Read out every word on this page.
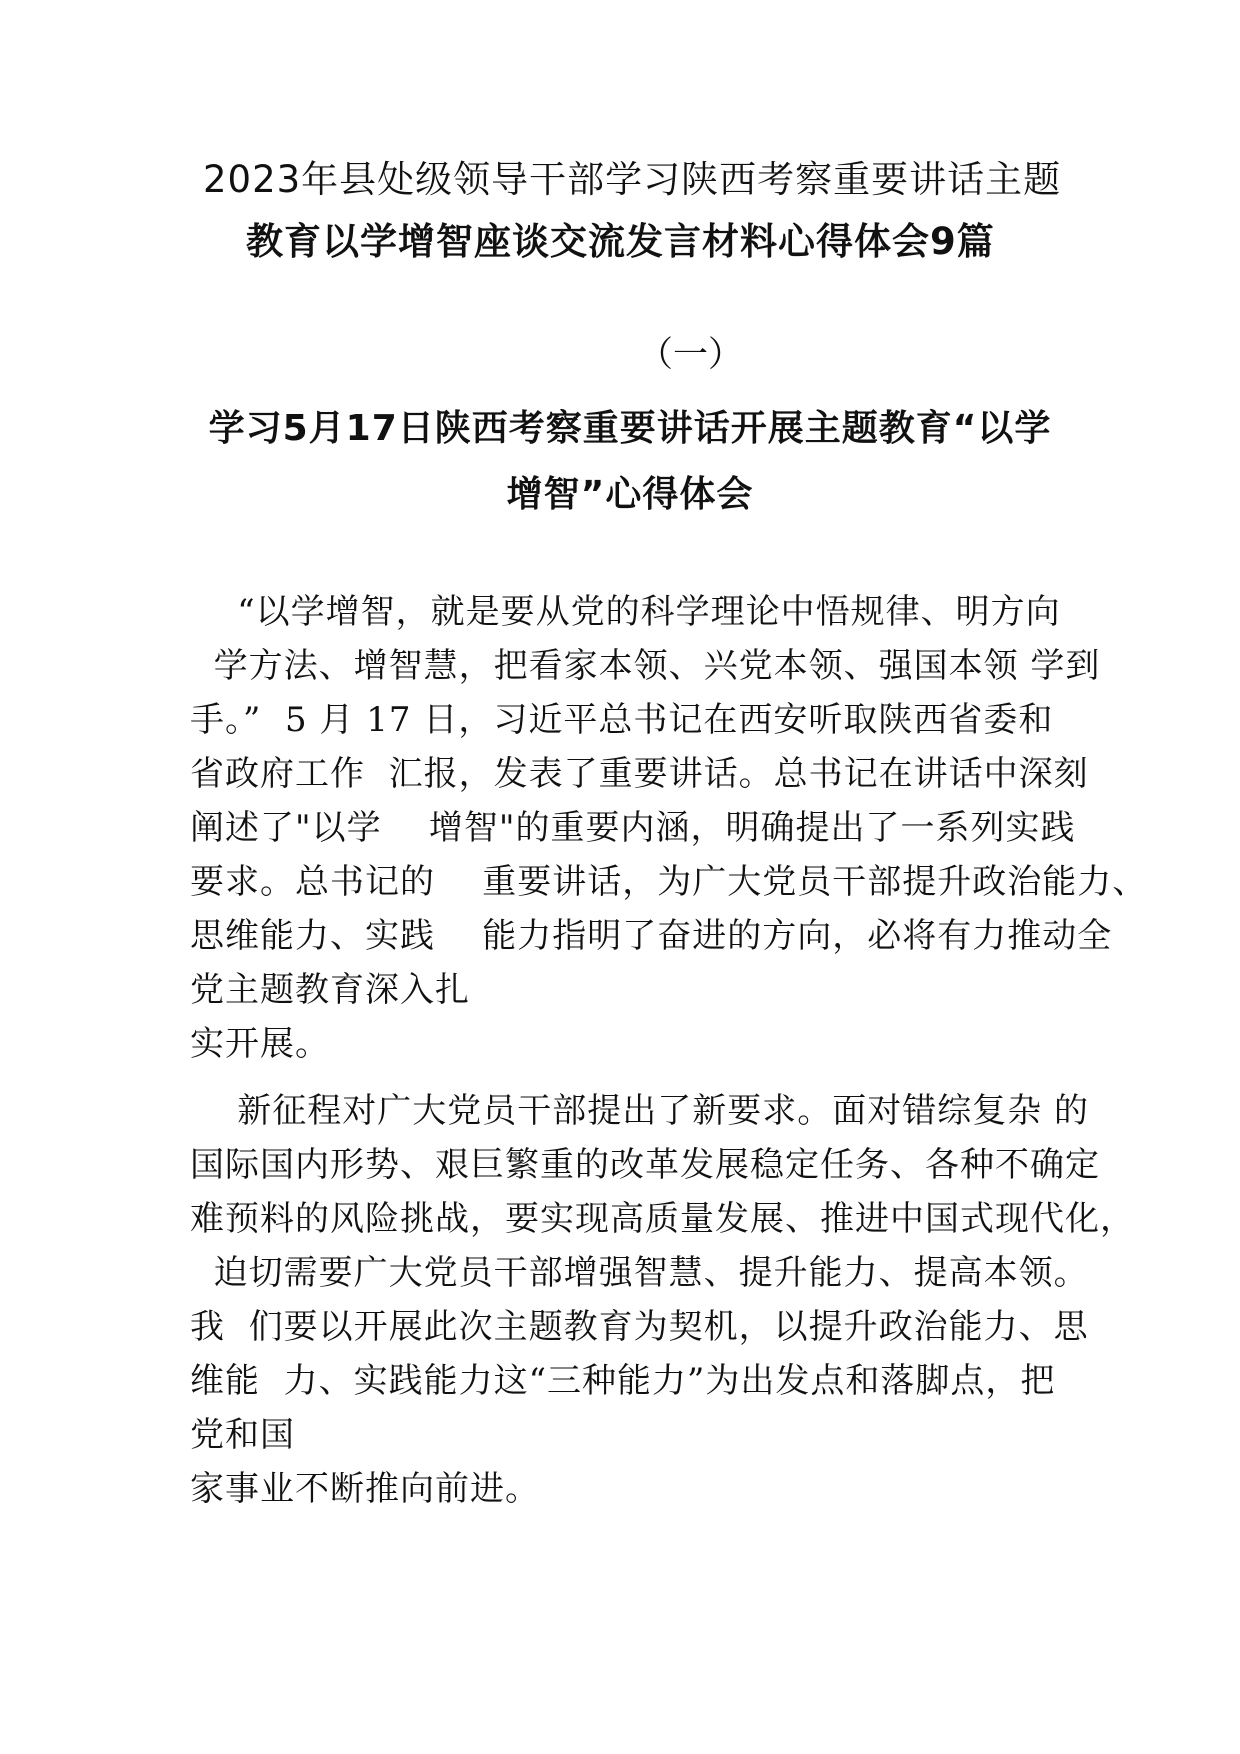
2023年县处级领导干部学习陕西考察重要讲话主题
教育以学增智座谈交流发言材料心得体会9篇
（一）
学习5月17日陕西考察重要讲话开展主题教育“以学
增智”心得体会
“以学增智，就是要从党的科学理论中悟规律、明方向
学方法、增智慧，把看家本领、兴党本领、强国本领 学到
手。”  5 月 17 日，习近平总书记在西安听取陕西省委和
省政府工作  汇报，发表了重要讲话。总书记在讲话中深刻
阐述了"以学    增智"的重要内涵，明确提出了一系列实践
要求。总书记的    重要讲话，为广大党员干部提升政治能力、
思维能力、实践    能力指明了奋进的方向，必将有力推动全
党主题教育深入扎
实开展。
新征程对广大党员干部提出了新要求。面对错综复杂 的
国际国内形势、艰巨繁重的改革发展稳定任务、各种不确定
难预料的风险挑战，要实现高质量发展、推进中国式现代化，
迫切需要广大党员干部增强智慧、提升能力、提高本领。
我  们要以开展此次主题教育为契机，以提升政治能力、思
维能  力、实践能力这“三种能力”为出发点和落脚点，把
党和国
家事业不断推向前进。
